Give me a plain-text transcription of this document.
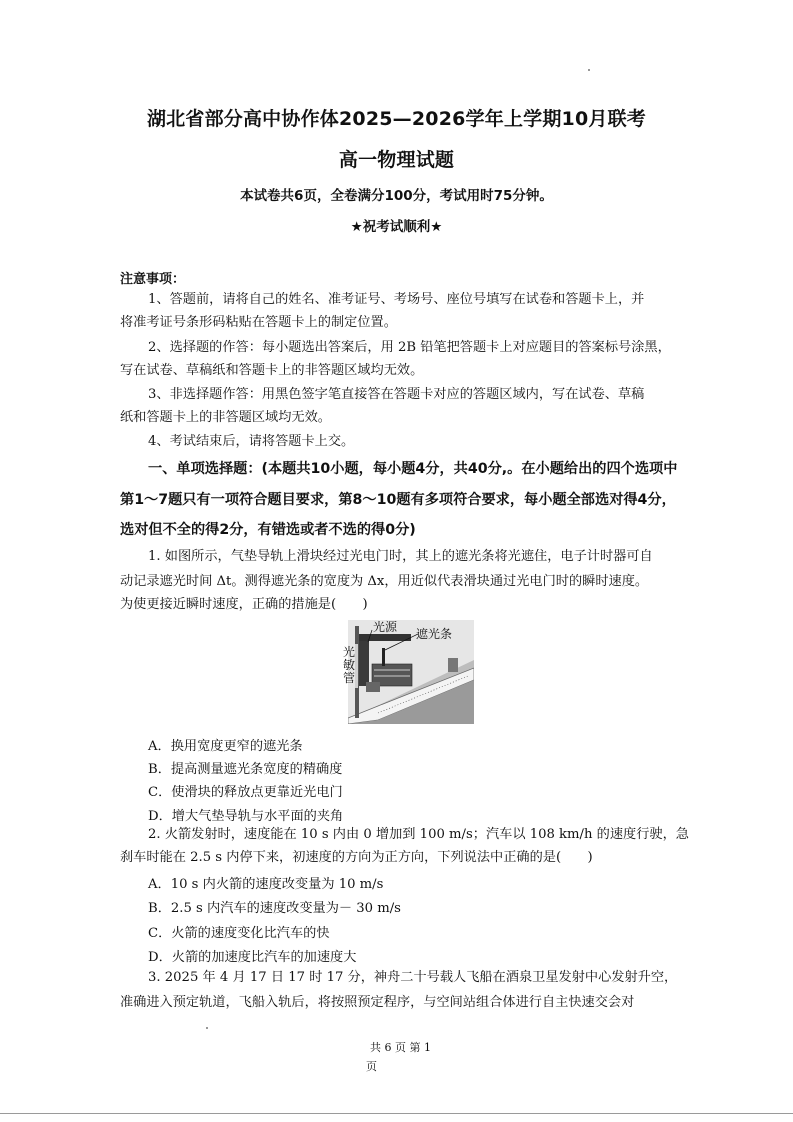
湖北省部分高中协作体2025—2026学年上学期10月联考
高一物理试题
本试卷共6页，全卷满分100分，考试用时75分钟。
★祝考试顺利★
注意事项：
1、答题前，请将自己的姓名、准考证号、考场号、座位号填写在试卷和答题卡上，并
将准考证号条形码粘贴在答题卡上的制定位置。
2、选择题的作答：每小题选出答案后，用 2B 铅笔把答题卡上对应题目的答案标号涂黑，
写在试卷、草稿纸和答题卡上的非答题区域均无效。
3、非选择题作答：用黑色签字笔直接答在答题卡对应的答题区域内，写在试卷、草稿
纸和答题卡上的非答题区域均无效。
4、考试结束后，请将答题卡上交。
一、单项选择题：(本题共10小题，每小题4分，共40分,。在小题给出的四个选项中
第1～7题只有一项符合题目要求，第8～10题有多项符合要求，每小题全部选对得4分，
选对但不全的得2分，有错选或者不选的得0分)
1. 如图所示，气垫导轨上滑块经过光电门时，其上的遮光条将光遮住，电子计时器可自
动记录遮光时间 Δt。测得遮光条的宽度为 Δx，用近似代表滑块通过光电门时的瞬时速度。
为使更接近瞬时速度，正确的措施是(　　)
光源 遮光条
光敏管
A．换用宽度更窄的遮光条
B．提高测量遮光条宽度的精确度
C．使滑块的释放点更靠近光电门
D．增大气垫导轨与水平面的夹角
2. 火箭发射时，速度能在 10 s 内由 0 增加到 100 m/s；汽车以 108 km/h 的速度行驶，急
刹车时能在 2.5 s 内停下来，初速度的方向为正方向，下列说法中正确的是(　　)
A．10 s 内火箭的速度改变量为 10 m/s
B．2.5 s 内汽车的速度改变量为－ 30 m/s
C．火箭的速度变化比汽车的快
D．火箭的加速度比汽车的加速度大
3. 2025 年 4 月 17 日 17 时 17 分，神舟二十号载人飞船在酒泉卫星发射中心发射升空，
准确进入预定轨道，飞船入轨后，将按照预定程序，与空间站组合体进行自主快速交会对
共 6 页 第 1
页
